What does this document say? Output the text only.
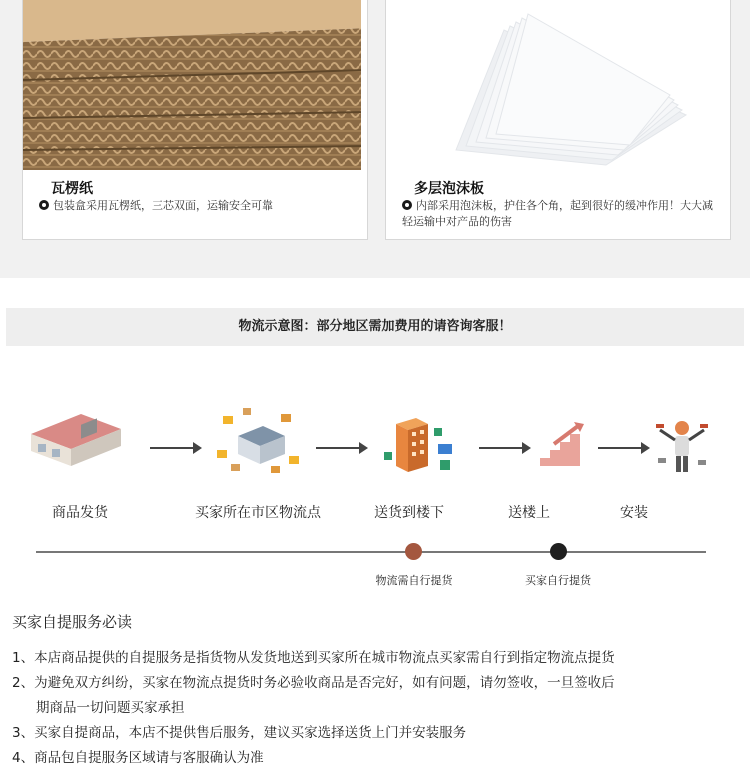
瓦楞纸
包装盒采用瓦楞纸，三芯双面，运输安全可靠
多层泡沫板
内部采用泡沫板，护住各个角，起到很好的缓冲作用！大大减轻运输中对产品的伤害
物流示意图：部分地区需加费用的请咨询客服！
商品发货	买家所在市区物流点	送货到楼下	送楼上	安装
物流需自行提货	买家自行提货
买家自提服务必读
1、本店商品提供的自提服务是指货物从发货地送到买家所在城市物流点买家需自行到指定物流点提货
2、为避免双方纠纷，买家在物流点提货时务必验收商品是否完好，如有问题，请勿签收，一旦签收后
期商品一切问题买家承担
3、买家自提商品，本店不提供售后服务，建议买家选择送货上门并安装服务
4、商品包自提服务区域请与客服确认为准
